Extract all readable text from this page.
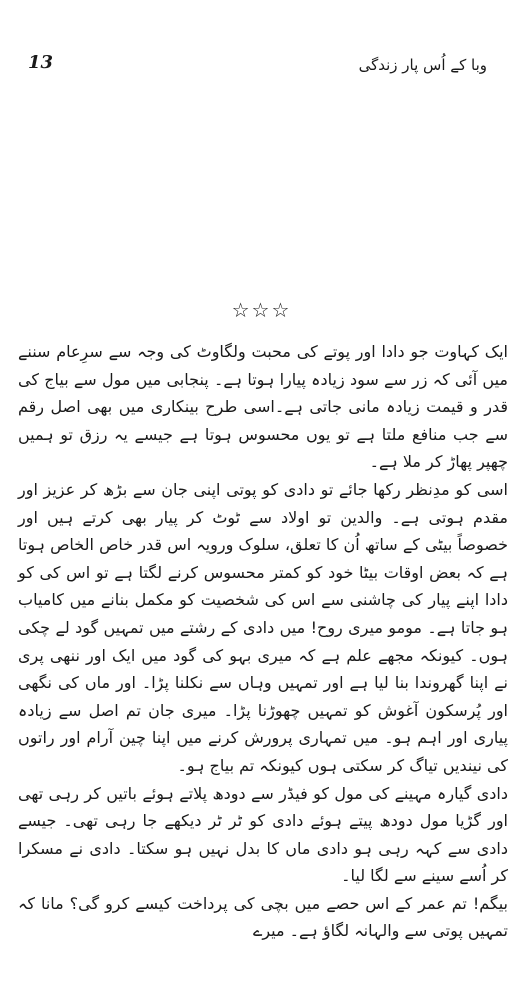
13	وبا کے اُس پار زندگی
☆☆☆

ایک کہاوت جو دادا اور پوتے کی محبت ولگاوٹ کی وجہ سے سرِعام سننے میں آئی کہ زر سے سود زیادہ پیارا ہوتا ہے۔ پنجابی میں مول سے بیاج کی قدر و قیمت زیادہ مانی جاتی ہے۔اسی طرح بینکاری میں بھی اصل رقم سے جب منافع ملتا ہے تو یوں محسوس ہوتا ہے جیسے یہ رزق تو ہمیں چھپر پھاڑ کر ملا ہے۔

اسی کو مدِنظر رکھا جائے تو دادی کو پوتی اپنی جان سے بڑھ کر عزیز اور مقدم ہوتی ہے۔ والدین تو اولاد سے ٹوٹ کر پیار بھی کرتے ہیں اور خصوصاً بیٹی کے ساتھ اُن کا تعلق، سلوک ورویہ اس قدر خاص الخاص ہوتا ہے کہ بعض اوقات بیٹا خود کو کمتر محسوس کرنے لگتا ہے تو اس کی کو دادا اپنے پیار کی چاشنی سے اس کی شخصیت کو مکمل بنانے میں کامیاب ہو جاتا ہے۔ مومو میری روح! میں دادی کے رشتے میں تمہیں گود لے چکی ہوں۔ کیونکہ مجھے علم ہے کہ میری بہو کی گود میں ایک اور ننھی پری نے اپنا گھروندا بنا لیا ہے اور تمہیں وہاں سے نکلنا پڑا۔ اور ماں کی نگھی اور پُرسکون آغوش کو تمہیں چھوڑنا پڑا۔ میری جان تم اصل سے زیادہ پیاری اور اہم ہو۔ میں تمہاری پرورش کرنے میں اپنا چین آرام اور راتوں کی نیندیں تیاگ کر سکتی ہوں کیونکہ تم بیاج ہو۔

دادی گیارہ مہینے کی مول کو فیڈر سے دودھ پلاتے ہوئے باتیں کر رہی تھی اور گڑیا مول دودھ پیتے ہوئے دادی کو ٹر ٹر دیکھے جا رہی تھی۔ جیسے دادی سے کہہ رہی ہو دادی ماں کا بدل نہیں ہو سکتا۔ دادی نے مسکرا کر اُسے سینے سے لگا لیا۔

بیگم! تم عمر کے اس حصے میں بچی کی پرداخت کیسے کرو گی؟ مانا کہ تمہیں پوتی سے والہانہ لگاؤ ہے۔ میرے
